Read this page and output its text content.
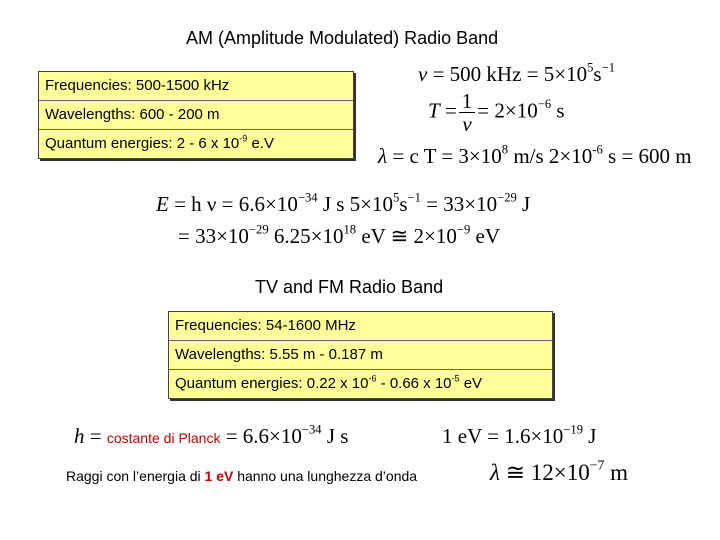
AM (Amplitude Modulated) Radio Band
Frequencies: 500-1500 kHz
Wavelengths: 600 - 200 m
Quantum energies: 2 - 6 x $10^{-9}$ e.V
ν = 500 kHz = $5\times 10^5s^{-1}$
$T = \frac{1}{\nu} = 2\times 10^{-6}$ s
λ = c $T = 3\times 10^8$ m/s $2\times 10^{-6}$ s = 600 m
E = h $\nu = 6.6\times 10^{-34}$ J s $5\times 10^5s^{-1} = 33\times 10^{-29}$ J
= $33\times 10^{-29}$ $6.25\times 10^{18}$ eV ≅ $2\times 10^{-9}$ eV
TV and FM Radio Band
Frequencies: 54-1600 MHz
Wavelengths: 5.55 m - 0.187 m
Quantum energies: 0.22 x $10^{-6} - 0.66$ x $10^{-5}$ eV
h = costante di Planck = $6.6\times 10^{-34}$ J s	1 eV = $1.6\times 10^{-19}$ J
Raggi con l’energia di 1 eV hanno una lunghezza d’onda	λ ≅ $12\times 10^{-7}$ m
